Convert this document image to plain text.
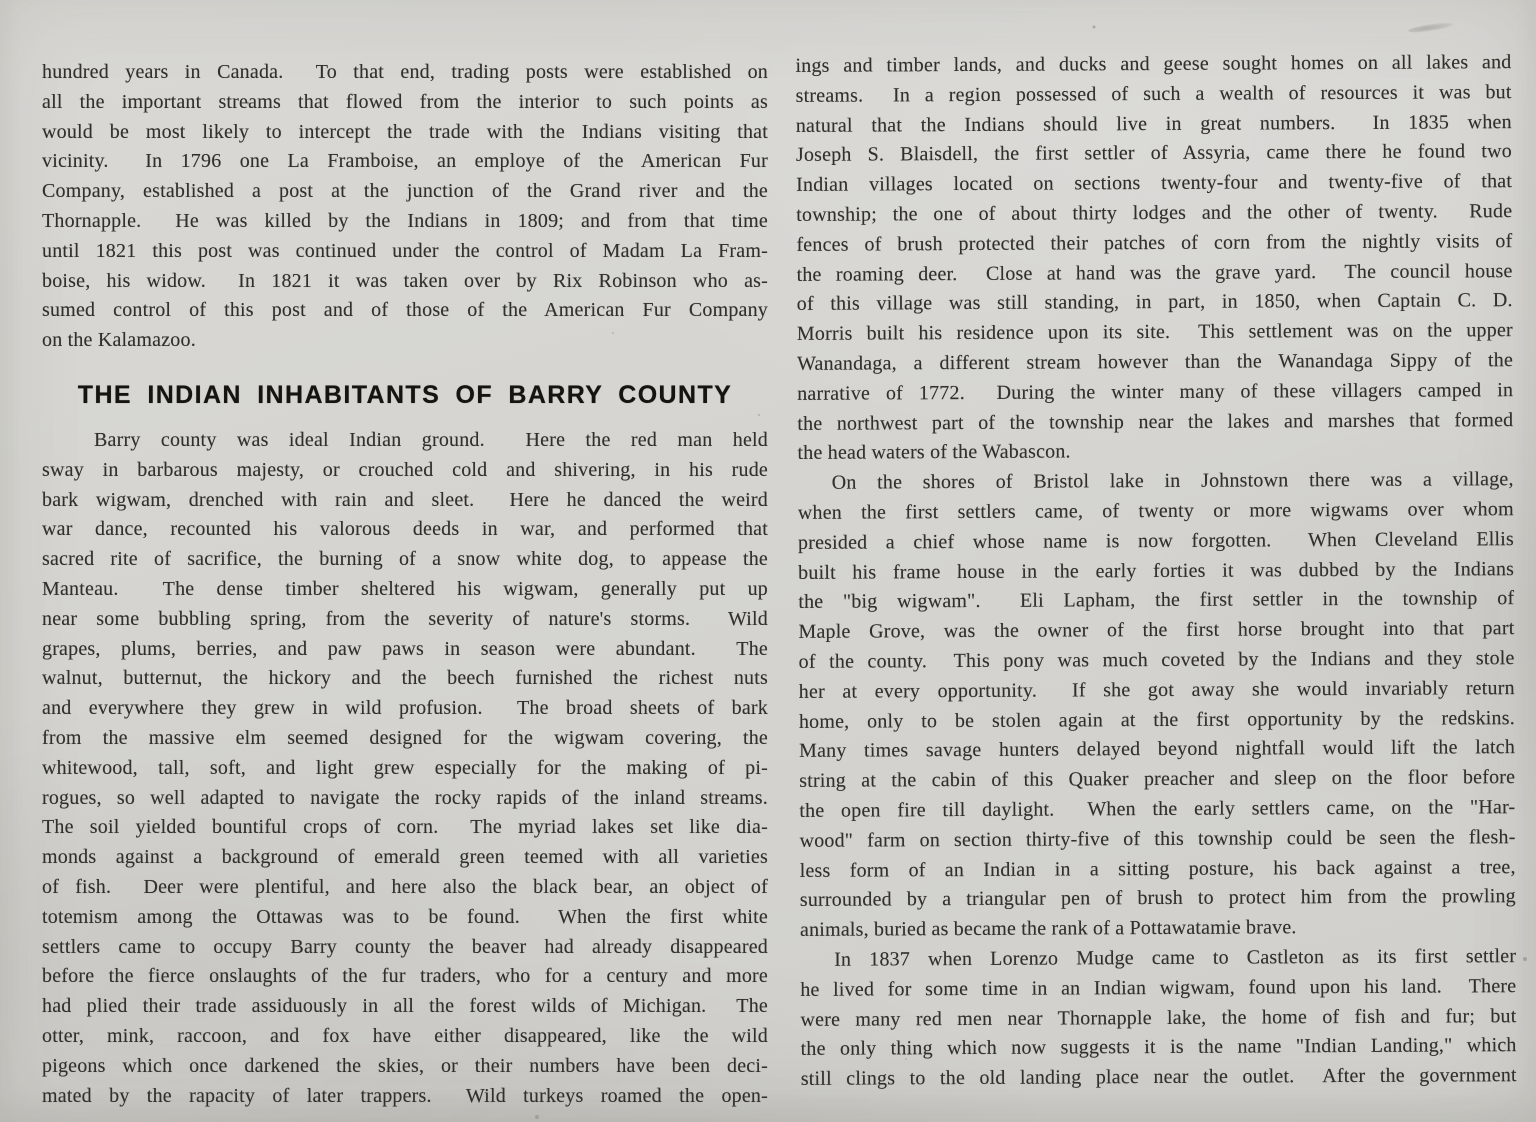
hundred years in Canada.  To that end, trading posts were established on
all the important streams that flowed from the interior to such points as
would be most likely to intercept the trade with the Indians visiting that
vicinity.  In 1796 one La Framboise, an employe of the American Fur
Company, established a post at the junction of the Grand river and the
Thornapple.  He was killed by the Indians in 1809; and from that time
until 1821 this post was continued under the control of Madam La Fram-
boise, his widow.  In 1821 it was taken over by Rix Robinson who as-
sumed control of this post and of those of the American Fur Company
on the Kalamazoo.
THE INDIAN INHABITANTS OF BARRY COUNTY
Barry county was ideal Indian ground.  Here the red man held
sway in barbarous majesty, or crouched cold and shivering, in his rude
bark wigwam, drenched with rain and sleet.  Here he danced the weird
war dance, recounted his valorous deeds in war, and performed that
sacred rite of sacrifice, the burning of a snow white dog, to appease the
Manteau.  The dense timber sheltered his wigwam, generally put up
near some bubbling spring, from the severity of nature's storms.  Wild
grapes, plums, berries, and paw paws in season were abundant.  The
walnut, butternut, the hickory and the beech furnished the richest nuts
and everywhere they grew in wild profusion.  The broad sheets of bark
from the massive elm seemed designed for the wigwam covering, the
whitewood, tall, soft, and light grew especially for the making of pi-
rogues, so well adapted to navigate the rocky rapids of the inland streams.
The soil yielded bountiful crops of corn.  The myriad lakes set like dia-
monds against a background of emerald green teemed with all varieties
of fish.  Deer were plentiful, and here also the black bear, an object of
totemism among the Ottawas was to be found.  When the first white
settlers came to occupy Barry county the beaver had already disappeared
before the fierce onslaughts of the fur traders, who for a century and more
had plied their trade assiduously in all the forest wilds of Michigan.  The
otter, mink, raccoon, and fox have either disappeared, like the wild
pigeons which once darkened the skies, or their numbers have been deci-
mated by the rapacity of later trappers.  Wild turkeys roamed the open-
ings and timber lands, and ducks and geese sought homes on all lakes and
streams.  In a region possessed of such a wealth of resources it was but
natural that the Indians should live in great numbers.  In 1835 when
Joseph S. Blaisdell, the first settler of Assyria, came there he found two
Indian villages located on sections twenty-four and twenty-five of that
township; the one of about thirty lodges and the other of twenty.  Rude
fences of brush protected their patches of corn from the nightly visits of
the roaming deer.  Close at hand was the grave yard.  The council house
of this village was still standing, in part, in 1850, when Captain C. D.
Morris built his residence upon its site.  This settlement was on the upper
Wanandaga, a different stream however than the Wanandaga Sippy of the
narrative of 1772.  During the winter many of these villagers camped in
the northwest part of the township near the lakes and marshes that formed
the head waters of the Wabascon.
On the shores of Bristol lake in Johnstown there was a village,
when the first settlers came, of twenty or more wigwams over whom
presided a chief whose name is now forgotten.  When Cleveland Ellis
built his frame house in the early forties it was dubbed by the Indians
the "big wigwam".  Eli Lapham, the first settler in the township of
Maple Grove, was the owner of the first horse brought into that part
of the county.  This pony was much coveted by the Indians and they stole
her at every opportunity.  If she got away she would invariably return
home, only to be stolen again at the first opportunity by the redskins.
Many times savage hunters delayed beyond nightfall would lift the latch
string at the cabin of this Quaker preacher and sleep on the floor before
the open fire till daylight.  When the early settlers came, on the "Har-
wood" farm on section thirty-five of this township could be seen the flesh-
less form of an Indian in a sitting posture, his back against a tree,
surrounded by a triangular pen of brush to protect him from the prowling
animals, buried as became the rank of a Pottawatamie brave.
In 1837 when Lorenzo Mudge came to Castleton as its first settler
he lived for some time in an Indian wigwam, found upon his land.  There
were many red men near Thornapple lake, the home of fish and fur; but
the only thing which now suggests it is the name "Indian Landing," which
still clings to the old landing place near the outlet.  After the government
